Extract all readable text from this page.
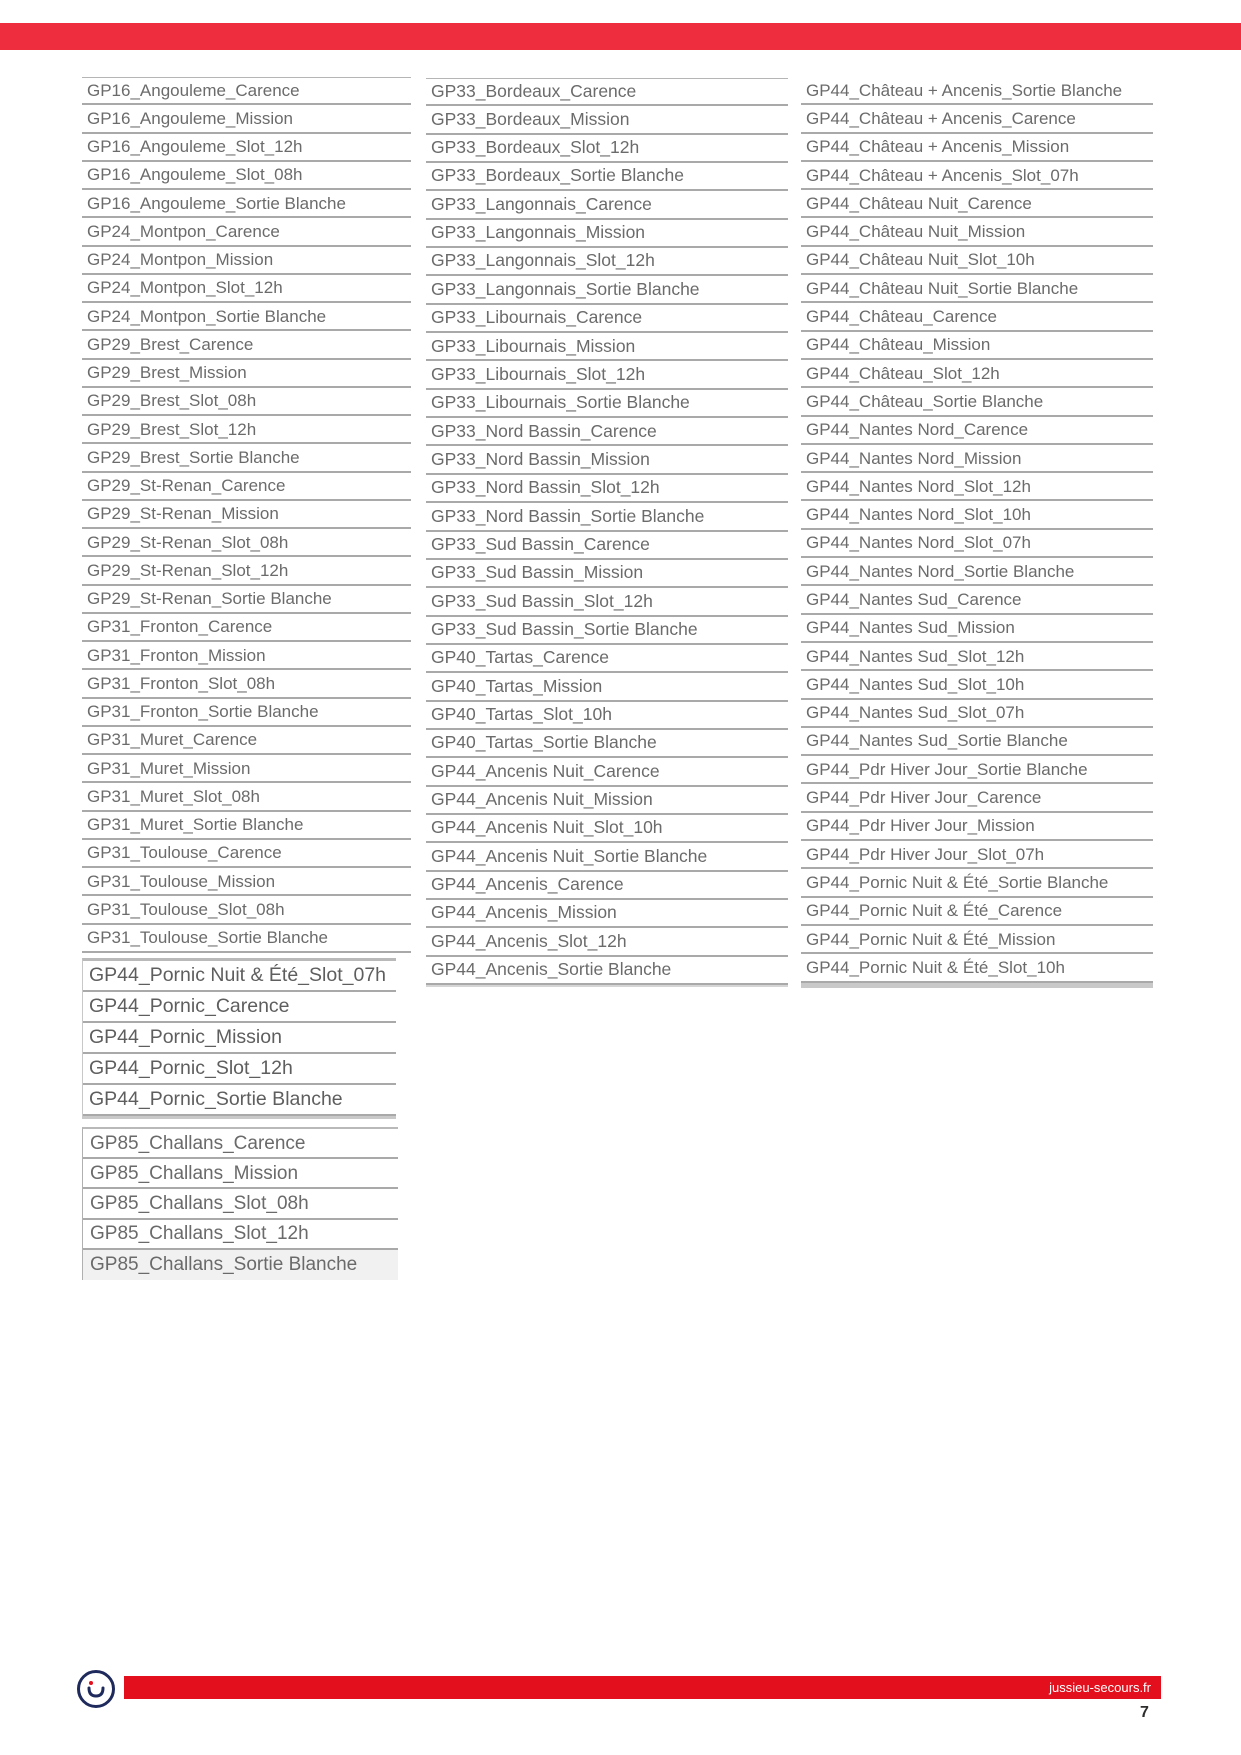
GP16_Angouleme_Carence
GP16_Angouleme_Mission
GP16_Angouleme_Slot_12h
GP16_Angouleme_Slot_08h
GP16_Angouleme_Sortie Blanche
GP24_Montpon_Carence
GP24_Montpon_Mission
GP24_Montpon_Slot_12h
GP24_Montpon_Sortie Blanche
GP29_Brest_Carence
GP29_Brest_Mission
GP29_Brest_Slot_08h
GP29_Brest_Slot_12h
GP29_Brest_Sortie Blanche
GP29_St-Renan_Carence
GP29_St-Renan_Mission
GP29_St-Renan_Slot_08h
GP29_St-Renan_Slot_12h
GP29_St-Renan_Sortie Blanche
GP31_Fronton_Carence
GP31_Fronton_Mission
GP31_Fronton_Slot_08h
GP31_Fronton_Sortie Blanche
GP31_Muret_Carence
GP31_Muret_Mission
GP31_Muret_Slot_08h
GP31_Muret_Sortie Blanche
GP31_Toulouse_Carence
GP31_Toulouse_Mission
GP31_Toulouse_Slot_08h
GP31_Toulouse_Sortie Blanche
GP33_Bordeaux_Carence
GP33_Bordeaux_Mission
GP33_Bordeaux_Slot_12h
GP33_Bordeaux_Sortie Blanche
GP33_Langonnais_Carence
GP33_Langonnais_Mission
GP33_Langonnais_Slot_12h
GP33_Langonnais_Sortie Blanche
GP33_Libournais_Carence
GP33_Libournais_Mission
GP33_Libournais_Slot_12h
GP33_Libournais_Sortie Blanche
GP33_Nord Bassin_Carence
GP33_Nord Bassin_Mission
GP33_Nord Bassin_Slot_12h
GP33_Nord Bassin_Sortie Blanche
GP33_Sud Bassin_Carence
GP33_Sud Bassin_Mission
GP33_Sud Bassin_Slot_12h
GP33_Sud Bassin_Sortie Blanche
GP40_Tartas_Carence
GP40_Tartas_Mission
GP40_Tartas_Slot_10h
GP40_Tartas_Sortie Blanche
GP44_Ancenis Nuit_Carence
GP44_Ancenis Nuit_Mission
GP44_Ancenis Nuit_Slot_10h
GP44_Ancenis Nuit_Sortie Blanche
GP44_Ancenis_Carence
GP44_Ancenis_Mission
GP44_Ancenis_Slot_12h
GP44_Ancenis_Sortie Blanche
GP44_Château + Ancenis_Sortie Blanche
GP44_Château + Ancenis_Carence
GP44_Château + Ancenis_Mission
GP44_Château + Ancenis_Slot_07h
GP44_Château Nuit_Carence
GP44_Château Nuit_Mission
GP44_Château Nuit_Slot_10h
GP44_Château Nuit_Sortie Blanche
GP44_Château_Carence
GP44_Château_Mission
GP44_Château_Slot_12h
GP44_Château_Sortie Blanche
GP44_Nantes Nord_Carence
GP44_Nantes Nord_Mission
GP44_Nantes Nord_Slot_12h
GP44_Nantes Nord_Slot_10h
GP44_Nantes Nord_Slot_07h
GP44_Nantes Nord_Sortie Blanche
GP44_Nantes Sud_Carence
GP44_Nantes Sud_Mission
GP44_Nantes Sud_Slot_12h
GP44_Nantes Sud_Slot_10h
GP44_Nantes Sud_Slot_07h
GP44_Nantes Sud_Sortie Blanche
GP44_Pdr Hiver Jour_Sortie Blanche
GP44_Pdr Hiver Jour_Carence
GP44_Pdr Hiver Jour_Mission
GP44_Pdr Hiver Jour_Slot_07h
GP44_Pornic Nuit & Été_Sortie Blanche
GP44_Pornic Nuit & Été_Carence
GP44_Pornic Nuit & Été_Mission
GP44_Pornic Nuit & Été_Slot_10h
GP44_Pornic Nuit & Été_Slot_07h
GP44_Pornic_Carence
GP44_Pornic_Mission
GP44_Pornic_Slot_12h
GP44_Pornic_Sortie Blanche
GP85_Challans_Carence
GP85_Challans_Mission
GP85_Challans_Slot_08h
GP85_Challans_Slot_12h
GP85_Challans_Sortie Blanche
jussieu-secours.fr
7
